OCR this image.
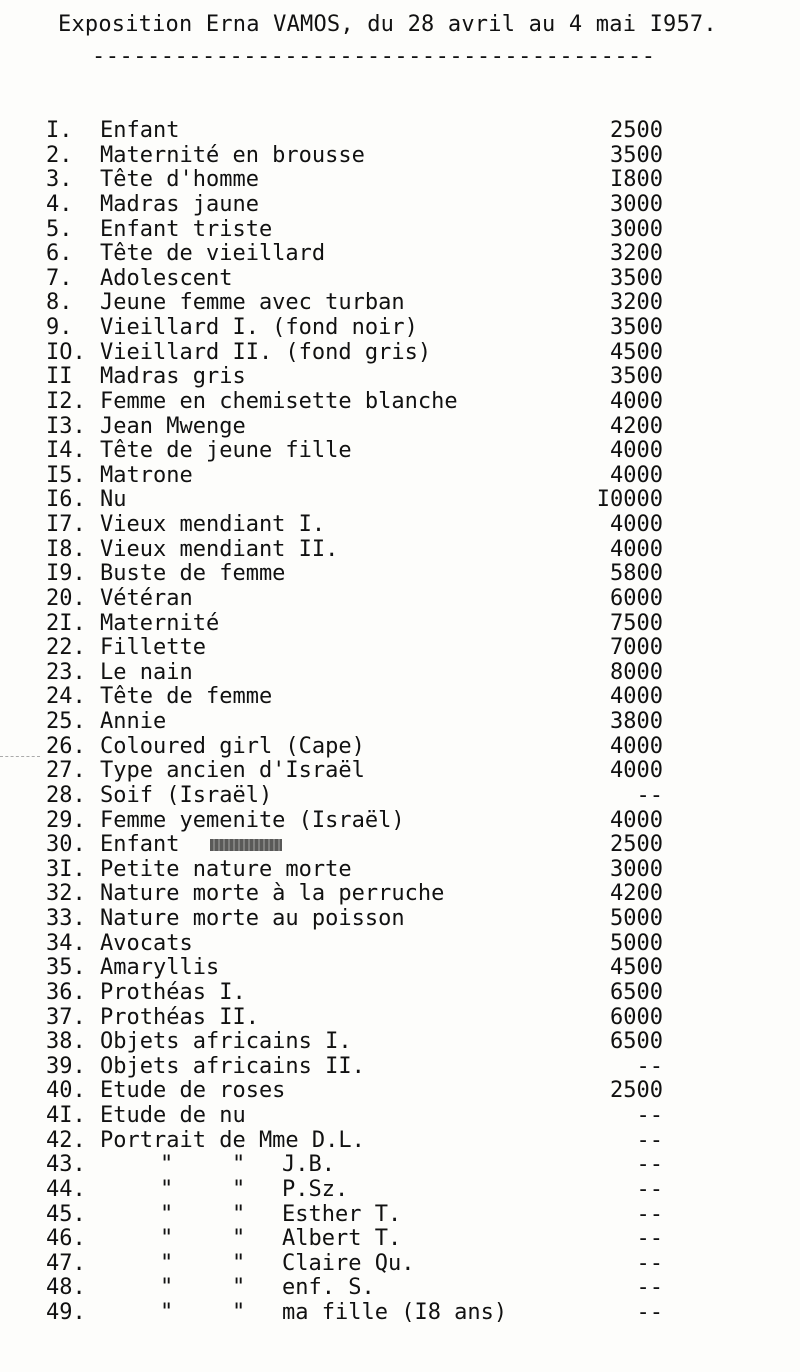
Exposition Erna VAMOS, du 28 avril au 4 mai I957.
-----------------------------------------
I.	Enfant	2500
2.	Maternité en brousse	3500
3.	Tête d'homme	I800
4.	Madras jaune	3000
5.	Enfant triste	3000
6.	Tête de vieillard	3200
7.	Adolescent	3500
8.	Jeune femme avec turban	3200
9.	Vieillard I. (fond noir)	3500
IO. Vieillard II. (fond gris)	4500
II	Madras gris	3500
I2. Femme en chemisette blanche	4000
I3. Jean Mwenge	4200
I4. Tête de jeune fille	4000
I5. Matrone	4000
I6. Nu	I0000
I7. Vieux mendiant I.	4000
I8. Vieux mendiant II.	4000
I9. Buste de femme	5800
20. Vétéran	6000
2I. Maternité	7500
22. Fillette	7000
23. Le nain	8000
24. Tête de femme	4000
25. Annie	3800
26. Coloured girl (Cape)	4000
27. Type ancien d'Israël	4000
28. Soif (Israël)	--
29. Femme yemenite (Israël)	4000
30. Enfant	2500
3I. Petite nature morte	3000
32. Nature morte à la perruche	4200
33. Nature morte au poisson	5000
34. Avocats	5000
35. Amaryllis	4500
36. Prothéas I.	6500
37. Prothéas II.	6000
38. Objets africains I.	6500
39. Objets africains II.	--
40. Etude de roses	2500
4I. Etude de nu	--
42. Portrait de Mme D.L.	--
43.	"	" J.B.	--
44.	"	" P.Sz.	--
45.	"	" Esther T.	--
46.	"	" Albert T.	--
47.	"	" Claire Qu.	--
48.	"	" enf. S.	--
49.	"	" ma fille (I8 ans)	--
